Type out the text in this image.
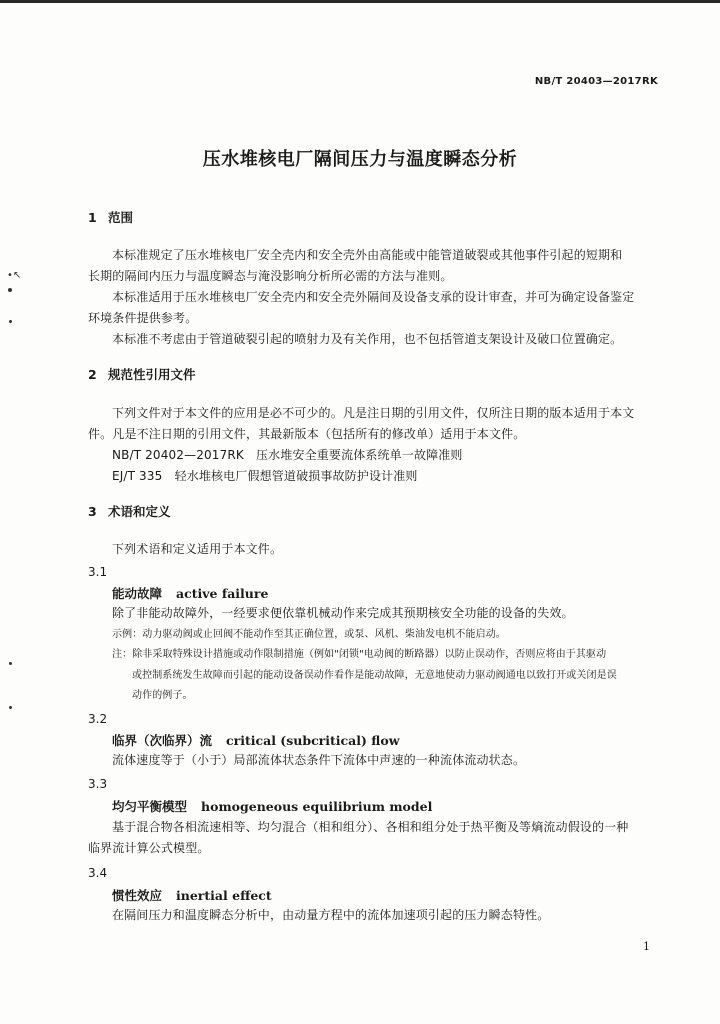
NB/T 20403—2017RK
压水堆核电厂隔间压力与温度瞬态分析
1 范围
本标准规定了压水堆核电厂安全壳内和安全壳外由高能或中能管道破裂或其他事件引起的短期和
长期的隔间内压力与温度瞬态与淹没影响分析所必需的方法与准则。
本标准适用于压水堆核电厂安全壳内和安全壳外隔间及设备支承的设计审查，并可为确定设备鉴定
环境条件提供参考。
本标准不考虑由于管道破裂引起的喷射力及有关作用，也不包括管道支架设计及破口位置确定。
2 规范性引用文件
下列文件对于本文件的应用是必不可少的。凡是注日期的引用文件，仅所注日期的版本适用于本文
件。凡是不注日期的引用文件，其最新版本（包括所有的修改单）适用于本文件。
NB/T 20402—2017RK　压水堆安全重要流体系统单一故障准则
EJ/T 335　轻水堆核电厂假想管道破损事故防护设计准则
3 术语和定义
下列术语和定义适用于本文件。
3.1
能动故障 active failure
除了非能动故障外，一经要求便依靠机械动作来完成其预期核安全功能的设备的失效。
示例：动力驱动阀或止回阀不能动作至其正确位置，或泵、风机、柴油发电机不能启动。
注：除非采取特殊设计措施或动作限制措施（例如"闭锁"电动阀的断路器）以防止误动作，否则应将由于其驱动
或控制系统发生故障而引起的能动设备误动作看作是能动故障，无意地使动力驱动阀通电以致打开或关闭是误
动作的例子。
3.2
临界（次临界）流 critical (subcritical) flow
流体速度等于（小于）局部流体状态条件下流体中声速的一种流体流动状态。
3.3
均匀平衡模型 homogeneous equilibrium model
基于混合物各相流速相等、均匀混合（相和组分）、各相和组分处于热平衡及等熵流动假设的一种
临界流计算公式模型。
3.4
惯性效应 inertial effect
在隔间压力和温度瞬态分析中，由动量方程中的流体加速项引起的压力瞬态特性。
1
•↖
